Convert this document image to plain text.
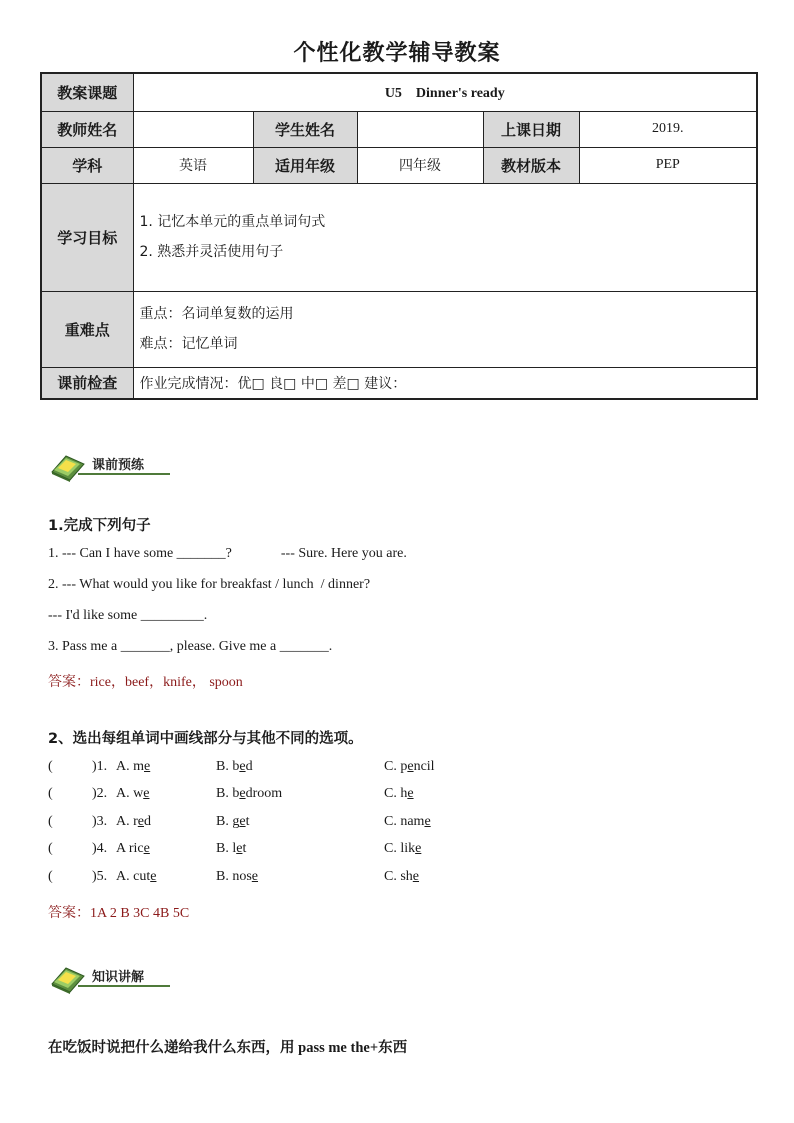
个性化教学辅导教案
教案课题	U5　Dinner's ready				
教师姓名		学生姓名		上课日期	2019.
学科	英语	适用年级	四年级	教材版本	PEP
学习目标	1. 记忆本单元的重点单词句式
2. 熟悉并灵活使用句子				

重难点	重点：名词单复数的运用
难点：记忆单词				

课前检查	作业完成情况：优□ 良□ 中□ 差□ 建议：				
课前预练
1.完成下列句子
1. --- Can I have some _______?              --- Sure. Here you are.
2. --- What would you like for breakfast / lunch  / dinner?
--- I'd like some _________.
3. Pass me a _______, please. Give me a _______.
答案：rice，beef，knife， spoon
2、选出每组单词中画线部分与其他不同的选项。
(	)1. A. me	B. bed	C. pencil
(	)2. A. we	B. bedroom	C. he
(	)3. A. red	B. get	C. name
(	)4. A rice	B. let	C. like
(	)5. A. cute	B. nose	C. she
答案：1A 2 B 3C 4B 5C
知识讲解
在吃饭时说把什么递给我什么东西，用 pass me the+东西
